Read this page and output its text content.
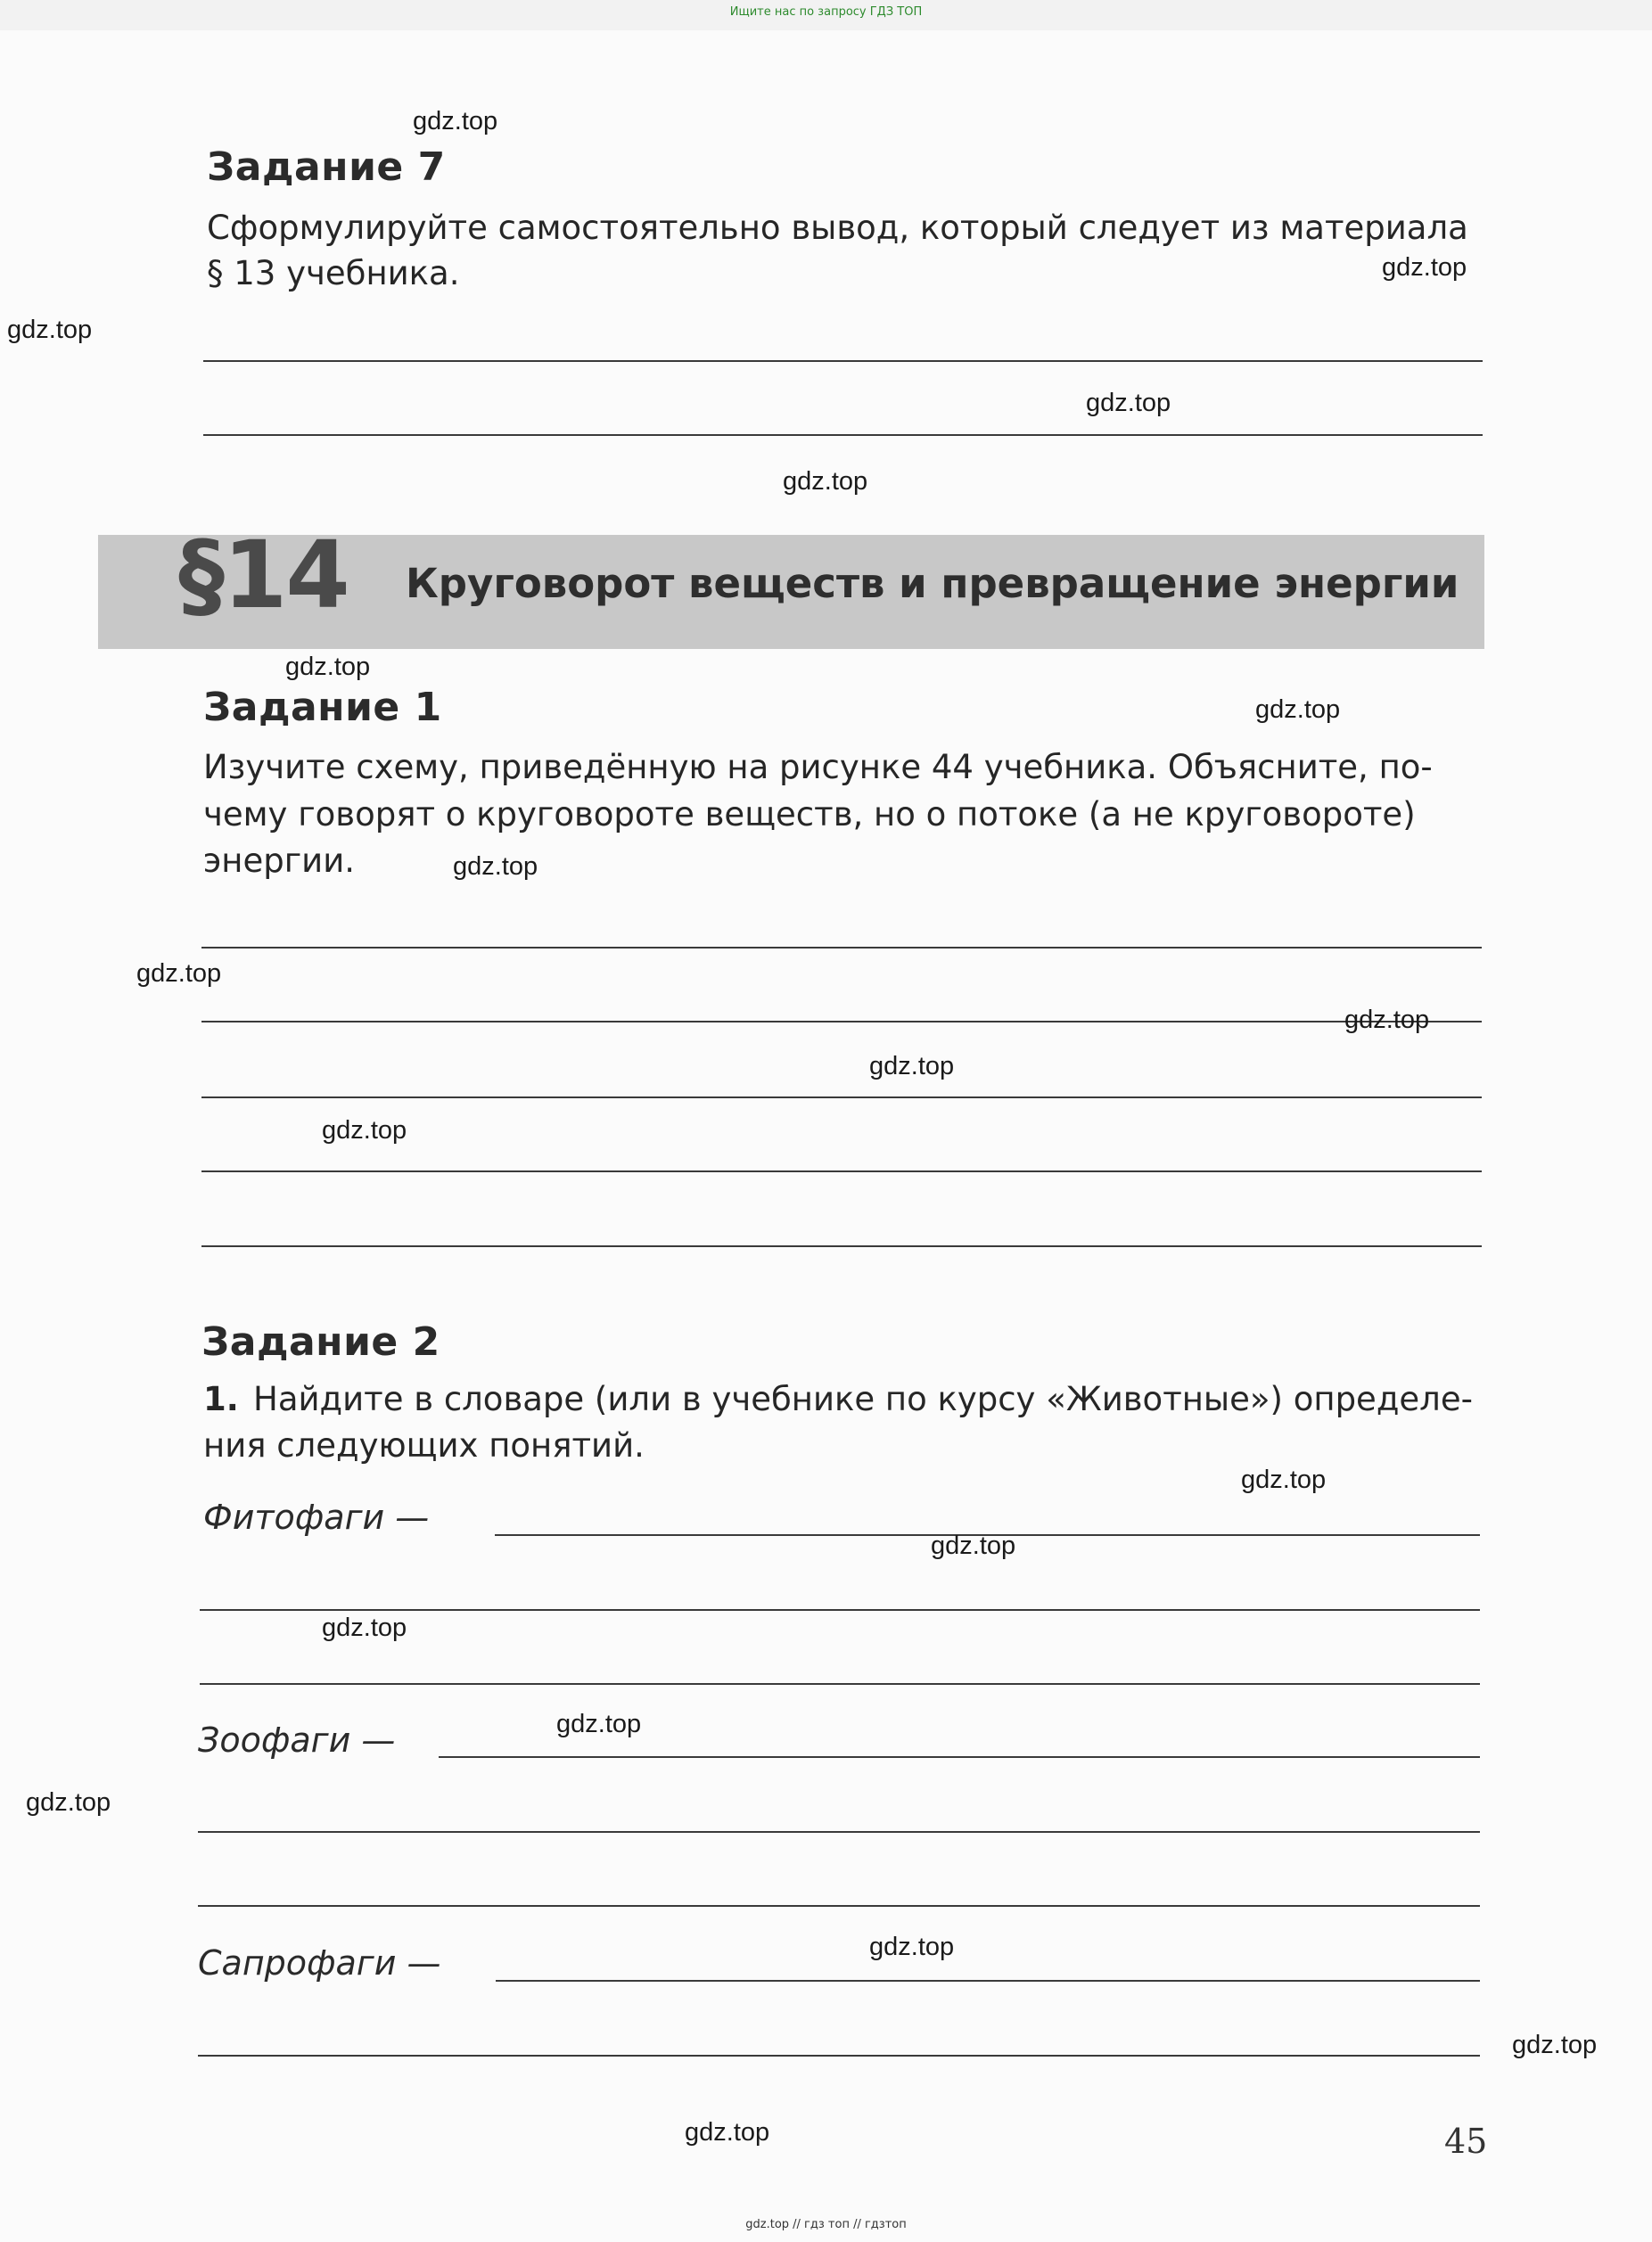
Ищите нас по запросу ГДЗ ТОП
Задание 7
Сформулируйте самостоятельно вывод, который следует из материала
§ 13 учебника.
§14 Круговорот веществ и превращение энергии
Задание 1
Изучите схему, приведённую на рисунке 44 учебника. Объясните, по-
чему говорят о круговороте веществ, но о потоке (а не круговороте)
энергии.
Задание 2
1. Найдите в словаре (или в учебнике по курсу «Животные») определе-
ния следующих понятий.
Фитофаги —
Зоофаги —
Сапрофаги —
gdz.top
gdz.top
gdz.top
gdz.top
gdz.top
gdz.top
gdz.top
gdz.top
gdz.top
gdz.top
gdz.top
gdz.top
gdz.top
gdz.top
gdz.top
gdz.top
gdz.top
gdz.top
gdz.top
gdz.top	45
gdz.top // гдз топ // гдзтоп
